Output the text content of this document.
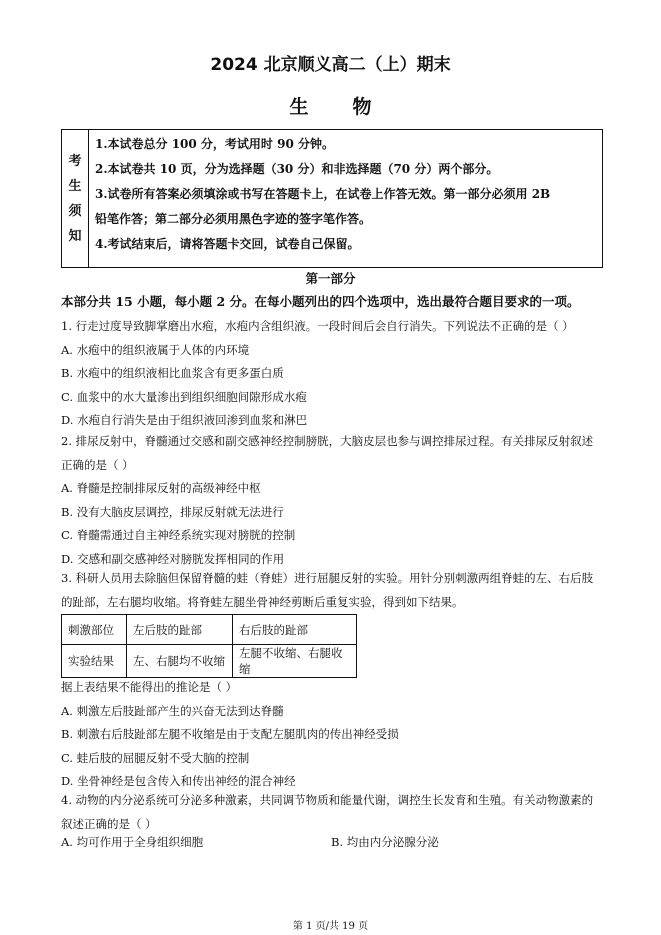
2024 北京顺义高二（上）期末
生 物
考
生
须
知
1.本试卷总分 100 分，考试用时 90 分钟。
2.本试卷共 10 页，分为选择题（30 分）和非选择题（70 分）两个部分。
3.试卷所有答案必须填涂或书写在答题卡上，在试卷上作答无效。第一部分必须用 2B
铅笔作答；第二部分必须用黑色字迹的签字笔作答。
4.考试结束后，请将答题卡交回，试卷自己保留。
第一部分
本部分共 15 小题，每小题 2 分。在每小题列出的四个选项中，选出最符合题目要求的一项。
1. 行走过度导致脚掌磨出水疱，水疱内含组织液。一段时间后会自行消失。下列说法不正确的是（ ）
A. 水疱中的组织液属于人体的内环境
B. 水疱中的组织液相比血浆含有更多蛋白质
C. 血浆中的水大量渗出到组织细胞间隙形成水疱
D. 水疱自行消失是由于组织液回渗到血浆和淋巴
2. 排尿反射中，脊髓通过交感和副交感神经控制膀胱，大脑皮层也参与调控排尿过程。有关排尿反射叙述
正确的是（ ）
A. 脊髓是控制排尿反射的高级神经中枢
B. 没有大脑皮层调控，排尿反射就无法进行
C. 脊髓需通过自主神经系统实现对膀胱的控制
D. 交感和副交感神经对膀胱发挥相同的作用
3. 科研人员用去除脑但保留脊髓的蛙（脊蛙）进行屈腿反射的实验。用针分别刺激两组脊蛙的左、右后肢
的趾部，左右腿均收缩。将脊蛙左腿坐骨神经剪断后重复实验，得到如下结果。
刺激部位	左后肢的趾部	右后肢的趾部
实验结果	左、右腿均不收缩	左腿不收缩、右腿收缩
据上表结果不能得出的推论是（ ）
A. 刺激左后肢趾部产生的兴奋无法到达脊髓
B. 刺激右后肢趾部左腿不收缩是由于支配左腿肌肉的传出神经受损
C. 蛙后肢的屈腿反射不受大脑的控制
D. 坐骨神经是包含传入和传出神经的混合神经
4. 动物的内分泌系统可分泌多种激素，共同调节物质和能量代谢，调控生长发育和生殖。有关动物激素的
叙述正确的是（ ）
A. 均可作用于全身组织细胞	B. 均由内分泌腺分泌
第 1 页/共 19 页
